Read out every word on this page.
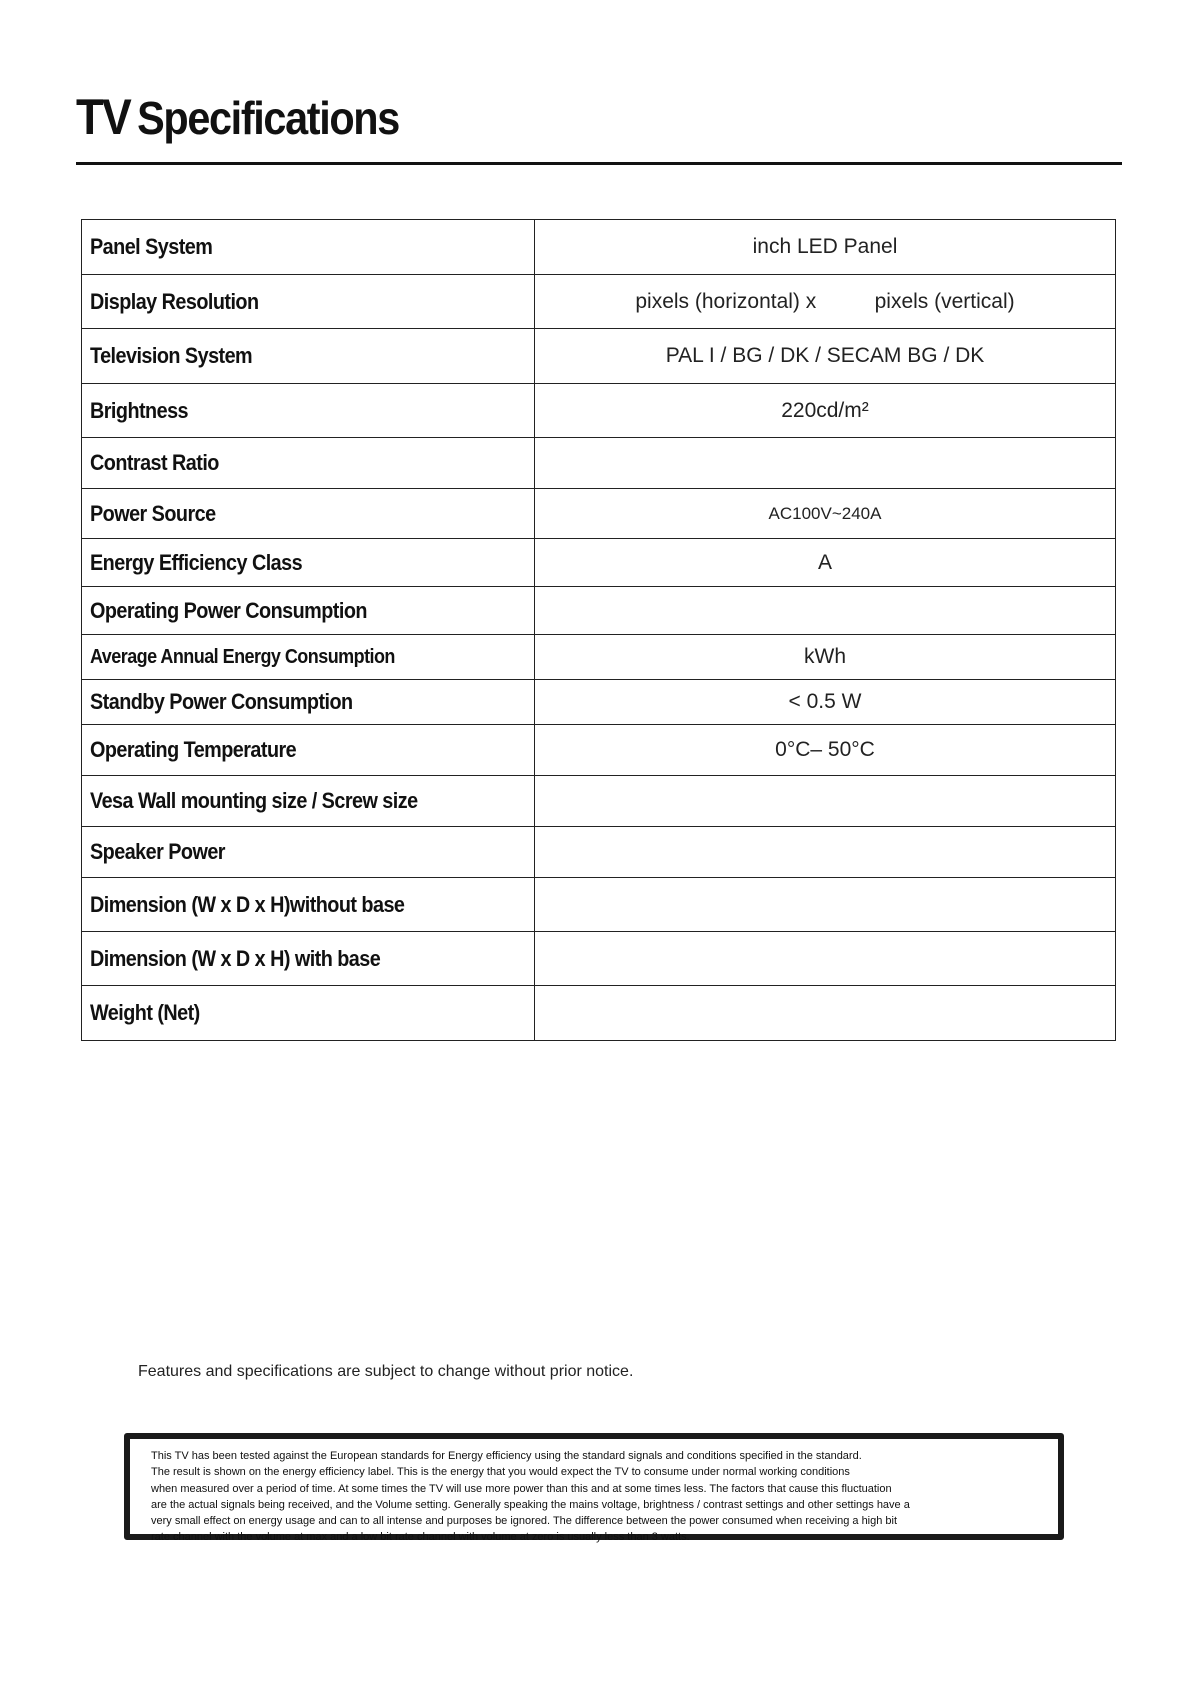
TV Specifications
Panel System	inch LED Panel
Display Resolution	pixels (horizontal) x          pixels (vertical)
Television System	PAL I / BG / DK / SECAM BG / DK
Brightness	220cd/m²
Contrast Ratio	
Power Source	AC100V~240A
Energy Efficiency Class	A
Operating Power Consumption	
Average Annual Energy Consumption	kWh
Standby Power Consumption	< 0.5 W
Operating Temperature	0°C– 50°C
Vesa Wall mounting size / Screw size	
Speaker Power	
Dimension (W x D x H)without base	
Dimension (W x D x H) with base	
Weight (Net)	

Features and specifications are subject to change without prior notice.

This TV has been tested against the European standards for Energy efficiency using the standard signals and conditions specified in the standard.
The result is shown on the energy efficiency label. This is the energy that you would expect the TV to consume under normal working conditions
when measured over a period of time. At some times the TV will use more power than this and at some times less. The factors that cause this fluctuation
are the actual signals being received, and the Volume setting. Generally speaking the mains voltage, brightness / contrast settings and other settings have a
very small effect on energy usage and can to all intense and purposes be ignored. The difference between the power consumed when receiving a high bit
rate channel with the volume at max and a low bit rate channel with volume at zero is usually less than 3 watts.
